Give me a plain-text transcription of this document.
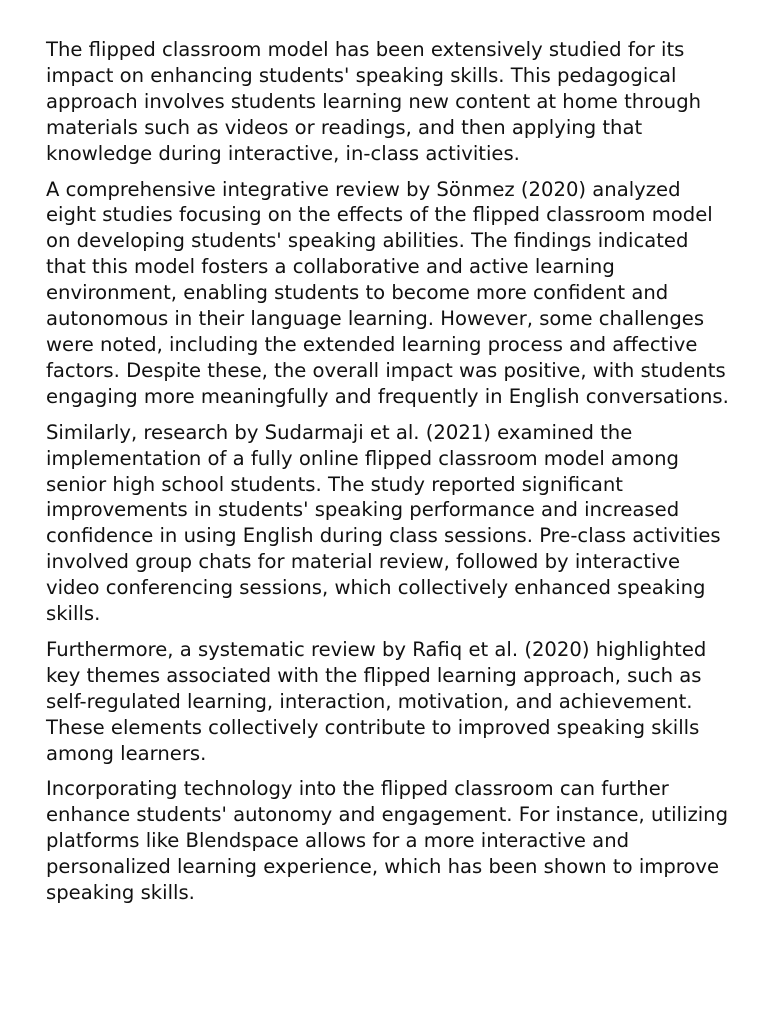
The flipped classroom model has been extensively studied for its impact on enhancing students' speaking skills. This pedagogical approach involves students learning new content at home through materials such as videos or readings, and then applying that knowledge during interactive, in-class activities.

A comprehensive integrative review by Sönmez (2020) analyzed eight studies focusing on the effects of the flipped classroom model on developing students' speaking abilities. The findings indicated that this model fosters a collaborative and active learning environment, enabling students to become more confident and autonomous in their language learning. However, some challenges were noted, including the extended learning process and affective factors. Despite these, the overall impact was positive, with students engaging more meaningfully and frequently in English conversations.

Similarly, research by Sudarmaji et al. (2021) examined the implementation of a fully online flipped classroom model among senior high school students. The study reported significant improvements in students' speaking performance and increased confidence in using English during class sessions. Pre-class activities involved group chats for material review, followed by interactive video conferencing sessions, which collectively enhanced speaking skills.

Furthermore, a systematic review by Rafiq et al. (2020) highlighted key themes associated with the flipped learning approach, such as self-regulated learning, interaction, motivation, and achievement. These elements collectively contribute to improved speaking skills among learners.

Incorporating technology into the flipped classroom can further enhance students' autonomy and engagement. For instance, utilizing platforms like Blendspace allows for a more interactive and personalized learning experience, which has been shown to improve speaking skills.
